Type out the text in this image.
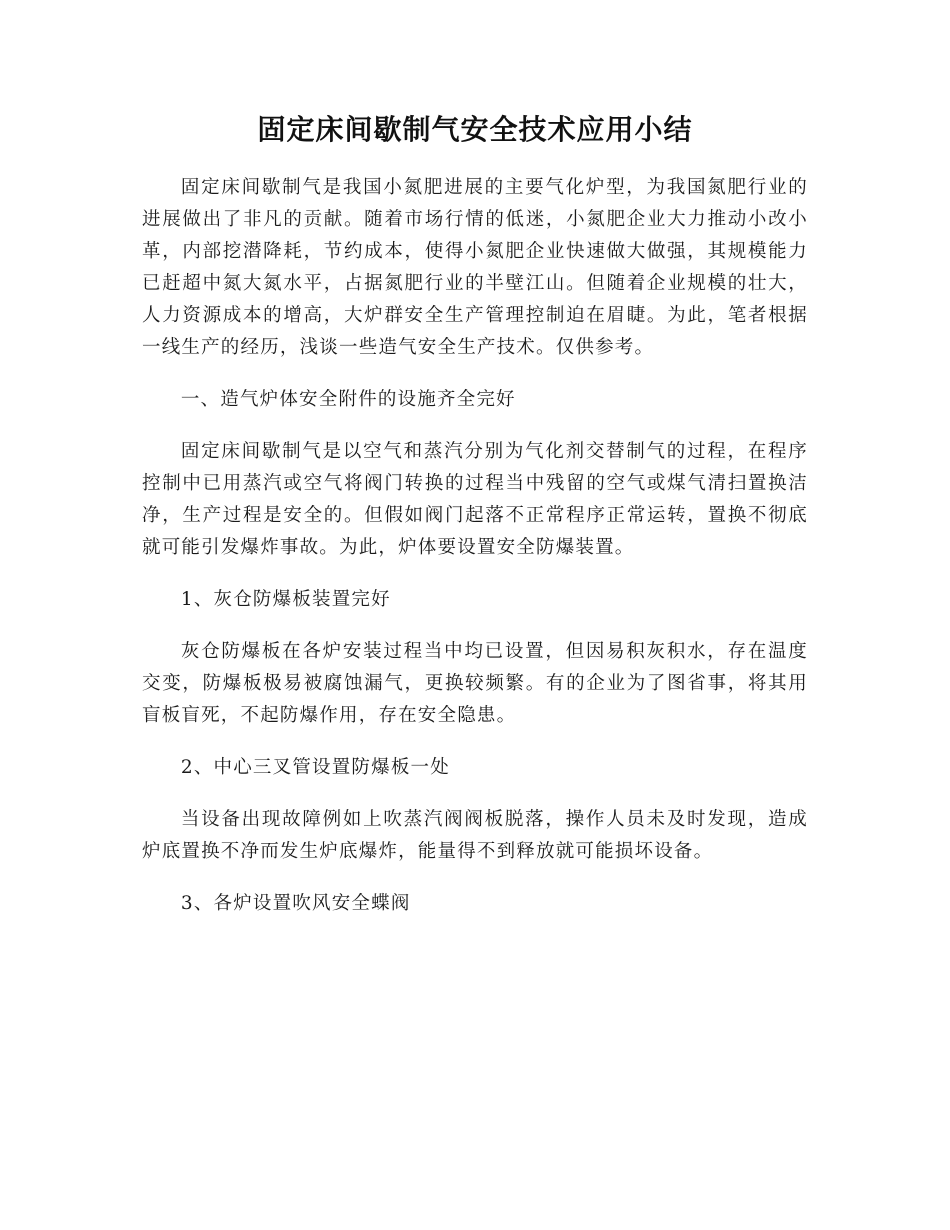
固定床间歇制气安全技术应用小结

固定床间歇制气是我国小氮肥进展的主要气化炉型，为我国氮肥行业的进展做出了非凡的贡献。随着市场行情的低迷，小氮肥企业大力推动小改小革，内部挖潜降耗，节约成本，使得小氮肥企业快速做大做强，其规模能力已赶超中氮大氮水平，占据氮肥行业的半壁江山。但随着企业规模的壮大，人力资源成本的增高，大炉群安全生产管理控制迫在眉睫。为此，笔者根据一线生产的经历，浅谈一些造气安全生产技术。仅供参考。

一、造气炉体安全附件的设施齐全完好

固定床间歇制气是以空气和蒸汽分别为气化剂交替制气的过程，在程序控制中已用蒸汽或空气将阀门转换的过程当中残留的空气或煤气清扫置换洁净，生产过程是安全的。但假如阀门起落不正常程序正常运转，置换不彻底就可能引发爆炸事故。为此，炉体要设置安全防爆装置。

1、灰仓防爆板装置完好

灰仓防爆板在各炉安装过程当中均已设置，但因易积灰积水，存在温度交变，防爆板极易被腐蚀漏气，更换较频繁。有的企业为了图省事，将其用盲板盲死，不起防爆作用，存在安全隐患。

2、中心三叉管设置防爆板一处

当设备出现故障例如上吹蒸汽阀阀板脱落，操作人员未及时发现，造成炉底置换不净而发生炉底爆炸，能量得不到释放就可能损坏设备。

3、各炉设置吹风安全蝶阀
